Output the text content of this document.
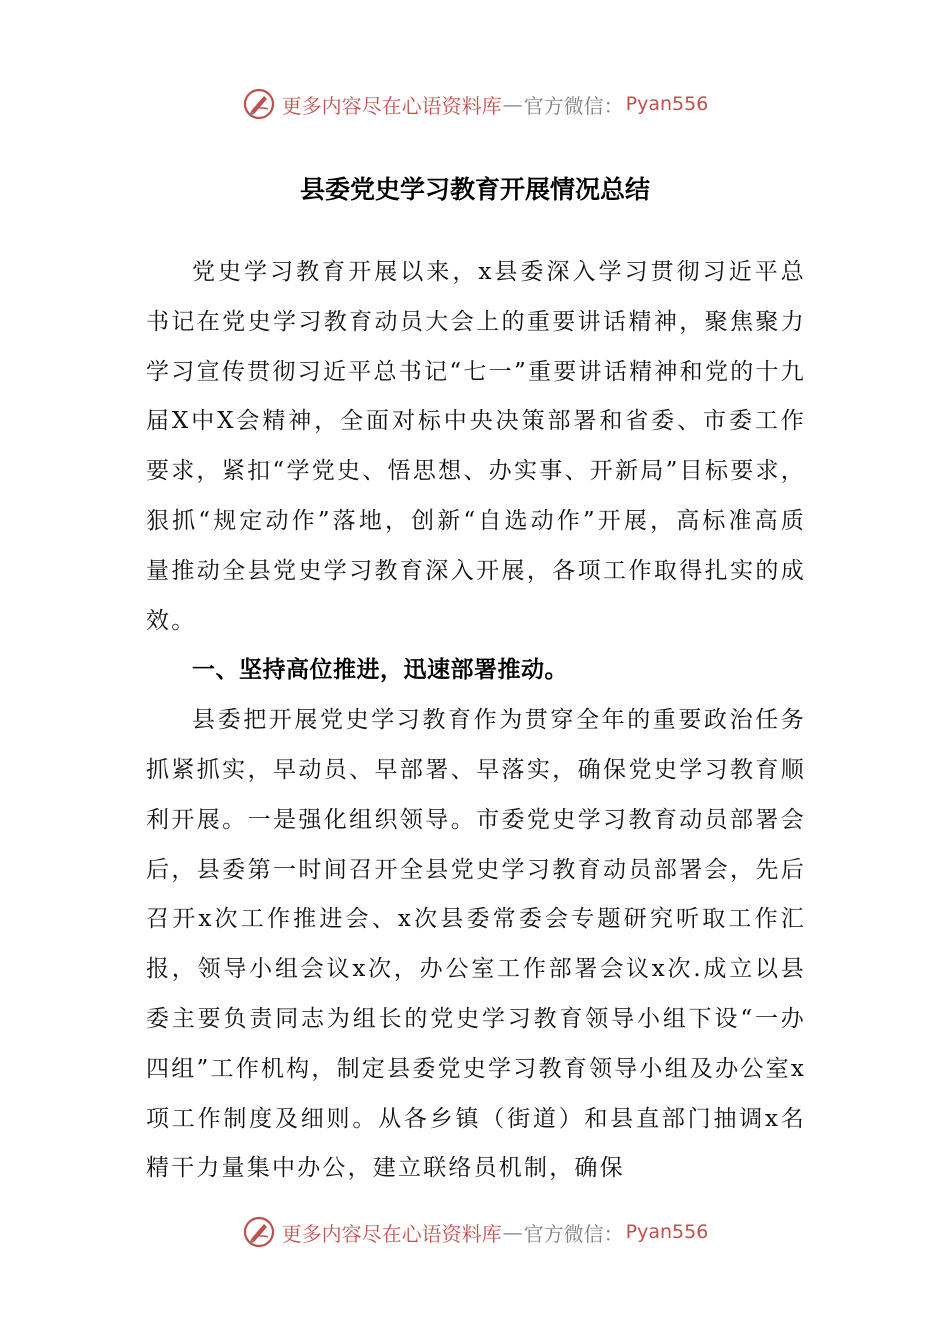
更多内容尽在心语资料库 — 官方微信： Pyan556
县委党史学习教育开展情况总结

党史学习教育开展以来，x县委深入学习贯彻习近平总书记在党史学习教育动员大会上的重要讲话精神，聚焦聚力学习宣传贯彻习近平总书记“七一”重要讲话精神和党的十九届X中X会精神，全面对标中央决策部署和省委、市委工作要求，紧扣“学党史、悟思想、办实事、开新局”目标要求，狠抓“规定动作”落地，创新“自选动作”开展，高标准高质量推动全县党史学习教育深入开展，各项工作取得扎实的成效。

一、坚持高位推进，迅速部署推动。

县委把开展党史学习教育作为贯穿全年的重要政治任务抓紧抓实，早动员、早部署、早落实，确保党史学习教育顺利开展。一是强化组织领导。市委党史学习教育动员部署会后，县委第一时间召开全县党史学习教育动员部署会，先后召开x次工作推进会、x次县委常委会专题研究听取工作汇报，领导小组会议x次，办公室工作部署会议x次.成立以县委主要负责同志为组长的党史学习教育领导小组下设“一办四组”工作机构，制定县委党史学习教育领导小组及办公室x项工作制度及细则。从各乡镇（街道）和县直部门抽调x名精干力量集中办公，建立联络员机制，确保

更多内容尽在心语资料库 — 官方微信： Pyan556
